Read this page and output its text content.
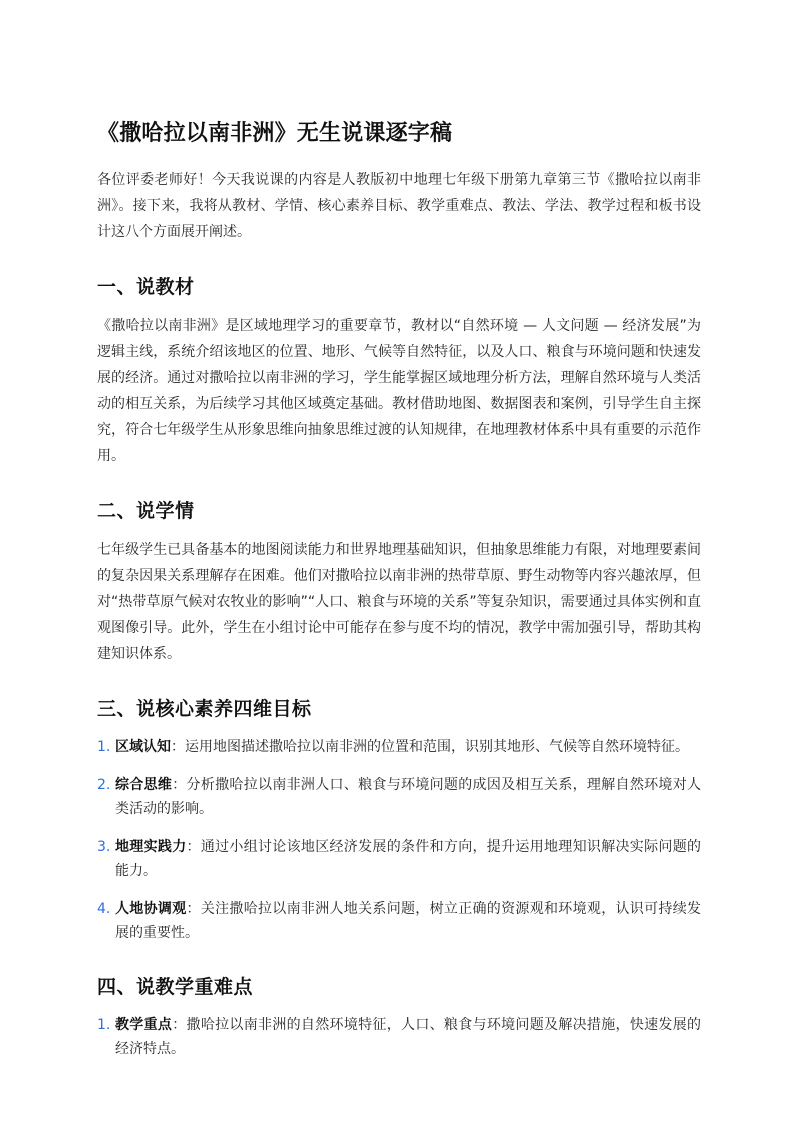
《撒哈拉以南非洲》无生说课逐字稿

各位评委老师好！今天我说课的内容是人教版初中地理七年级下册第九章第三节《撒哈拉以南非洲》。接下来，我将从教材、学情、核心素养目标、教学重难点、教法、学法、教学过程和板书设计这八个方面展开阐述。

一、说教材

《撒哈拉以南非洲》是区域地理学习的重要章节，教材以“自然环境 — 人文问题 — 经济发展”为逻辑主线，系统介绍该地区的位置、地形、气候等自然特征，以及人口、粮食与环境问题和快速发展的经济。通过对撒哈拉以南非洲的学习，学生能掌握区域地理分析方法，理解自然环境与人类活动的相互关系，为后续学习其他区域奠定基础。教材借助地图、数据图表和案例，引导学生自主探究，符合七年级学生从形象思维向抽象思维过渡的认知规律，在地理教材体系中具有重要的示范作用。

二、说学情

七年级学生已具备基本的地图阅读能力和世界地理基础知识，但抽象思维能力有限，对地理要素间的复杂因果关系理解存在困难。他们对撒哈拉以南非洲的热带草原、野生动物等内容兴趣浓厚，但对“热带草原气候对农牧业的影响”“人口、粮食与环境的关系”等复杂知识，需要通过具体实例和直观图像引导。此外，学生在小组讨论中可能存在参与度不均的情况，教学中需加强引导，帮助其构建知识体系。

三、说核心素养四维目标
1. 区域认知：运用地图描述撒哈拉以南非洲的位置和范围，识别其地形、气候等自然环境特征。
2. 综合思维：分析撒哈拉以南非洲人口、粮食与环境问题的成因及相互关系，理解自然环境对人类活动的影响。
3. 地理实践力：通过小组讨论该地区经济发展的条件和方向，提升运用地理知识解决实际问题的能力。
4. 人地协调观：关注撒哈拉以南非洲人地关系问题，树立正确的资源观和环境观，认识可持续发展的重要性。
四、说教学重难点
1. 教学重点：撒哈拉以南非洲的自然环境特征，人口、粮食与环境问题及解决措施，快速发展的经济特点。
